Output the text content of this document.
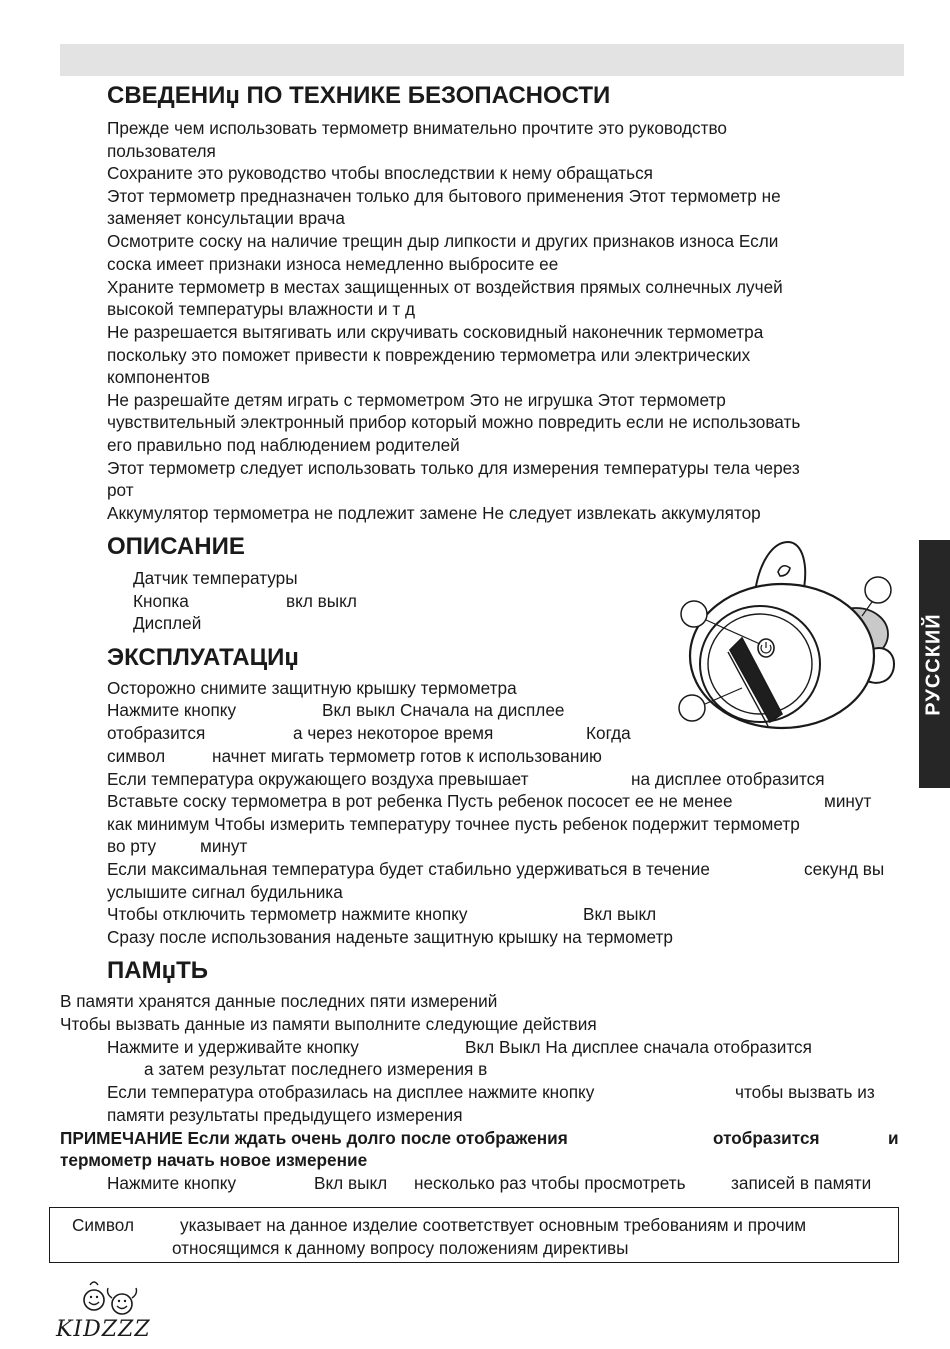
СВЕДЕНИџ ПО ТЕХНИКЕ БЕЗОПАСНОСТИ
Прежде чем использовать термометр внимательно прочтите это руководство
пользователя
Сохраните это руководство чтобы впоследствии к нему обращаться
Этот термометр предназначен только для бытового применения Этот термометр не
заменяет консультации врача
Осмотрите соску на наличие трещин дыр липкости и других признаков износа Если
соска имеет признаки износа немедленно выбросите ее
Храните термометр в местах защищенных от воздействия прямых солнечных лучей
высокой температуры влажности и т д
Не разрешается вытягивать или скручивать сосковидный наконечник термометра
поскольку это поможет привести к повреждению термометра или электрических
компонентов
Не разрешайте детям играть с термометром Это не игрушка Этот термометр
чувствительный электронный прибор который можно повредить если не использовать
его правильно под наблюдением родителей
Этот термометр следует использовать только для измерения температуры тела через
рот
Аккумулятор термометра не подлежит замене Не следует извлекать аккумулятор
ОПИСАНИЕ
Датчик температуры
Кнопка	вкл выкл
Дисплей
ЭКСПЛУАТАЦИџ
Осторожно снимите защитную крышку термометра
Нажмите кнопку	Вкл выкл Сначала на дисплее
отобразится	а через некоторое время	Когда
символ	начнет мигать термометр готов к использованию
Если температура окружающего воздуха превышает	на дисплее отобразится
Вставьте соску термометра в рот ребенка Пусть ребенок пососет ее не менее	минут
как минимум Чтобы измерить температуру точнее пусть ребенок подержит термометр
во рту	минут
Если максимальная температура будет стабильно удерживаться в течение	секунд вы
услышите сигнал будильника
Чтобы отключить термометр нажмите кнопку	Вкл выкл
Сразу после использования наденьте защитную крышку на термометр
ПАМџТЬ
В памяти хранятся данные последних пяти измерений
Чтобы вызвать данные из памяти выполните следующие действия
Нажмите и удерживайте кнопку	Вкл Выкл На дисплее сначала отобразится
а затем результат последнего измерения в
Если температура отобразилась на дисплее нажмите кнопку	чтобы вызвать из
памяти результаты предыдущего измерения
ПРИМЕЧАНИЕ Если ждать очень долго после отображения	отобразится	и
термометр начать новое измерение
Нажмите кнопку	Вкл выкл несколько раз чтобы просмотреть	записей в памяти
Символ	указывает на данное изделие соответствует основным требованиям и прочим
относящимся к данному вопросу положениям директивы
РУССКИЙ
KIDZZZ
